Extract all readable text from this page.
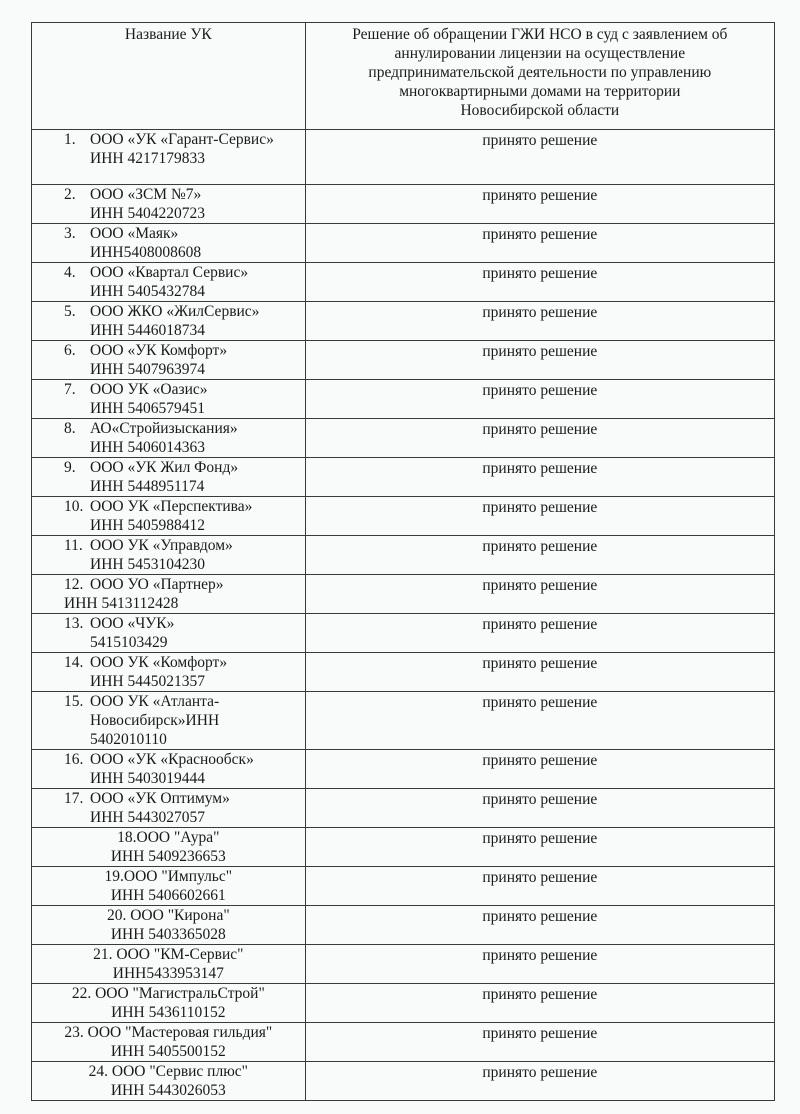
Название УК	Решение об обращении ГЖИ НСО в суд с заявлением об
аннулировании лицензии на осуществление
предпринимательской деятельности по управлению
многоквартирными домами на территории
Новосибирской области

1. ООО «УК «Гарант-Сервис»
ИНН 4217179833	принято решение

2. ООО «ЗСМ №7»
ИНН 5404220723	принято решение

3. ООО «Маяк»
ИНН5408008608	принято решение

4. ООО «Квартал Сервис»
ИНН 5405432784	принято решение

5. ООО ЖКО «ЖилСервис»
ИНН 5446018734	принято решение

6. ООО «УК Комфорт»
ИНН 5407963974	принято решение

7. ООО УК «Оазис»
ИНН 5406579451	принято решение

8. АО«Стройизыскания»
ИНН 5406014363	принято решение

9. ООО «УК Жил Фонд»
ИНН 5448951174	принято решение

10. ООО УК «Перспектива»
ИНН 5405988412	принято решение

11. ООО УК «Управдом»
ИНН 5453104230	принято решение

12. ООО УО «Партнер»
ИНН 5413112428	принято решение

13. ООО «ЧУК»
5415103429	принято решение

14. ООО УК «Комфорт»
ИНН 5445021357	принято решение

15. ООО УК «Атланта-
Новосибирск»ИНН
5402010110	принято решение

16. ООО «УК «Краснообск»
ИНН 5403019444	принято решение

17. ООО «УК Оптимум»
ИНН 5443027057	принято решение

18.ООО "Аура"
ИНН 5409236653	принято решение

19.ООО "Импульс"
ИНН 5406602661	принято решение

20. ООО "Кирона"
ИНН 5403365028	принято решение

21. ООО "КМ-Сервис"
ИНН5433953147	принято решение

22. ООО "МагистральСтрой"
ИНН 5436110152	принято решение

23. ООО "Мастеровая гильдия"
ИНН 5405500152	принято решение

24. ООО "Сервис плюс"
ИНН 5443026053	принято решение
